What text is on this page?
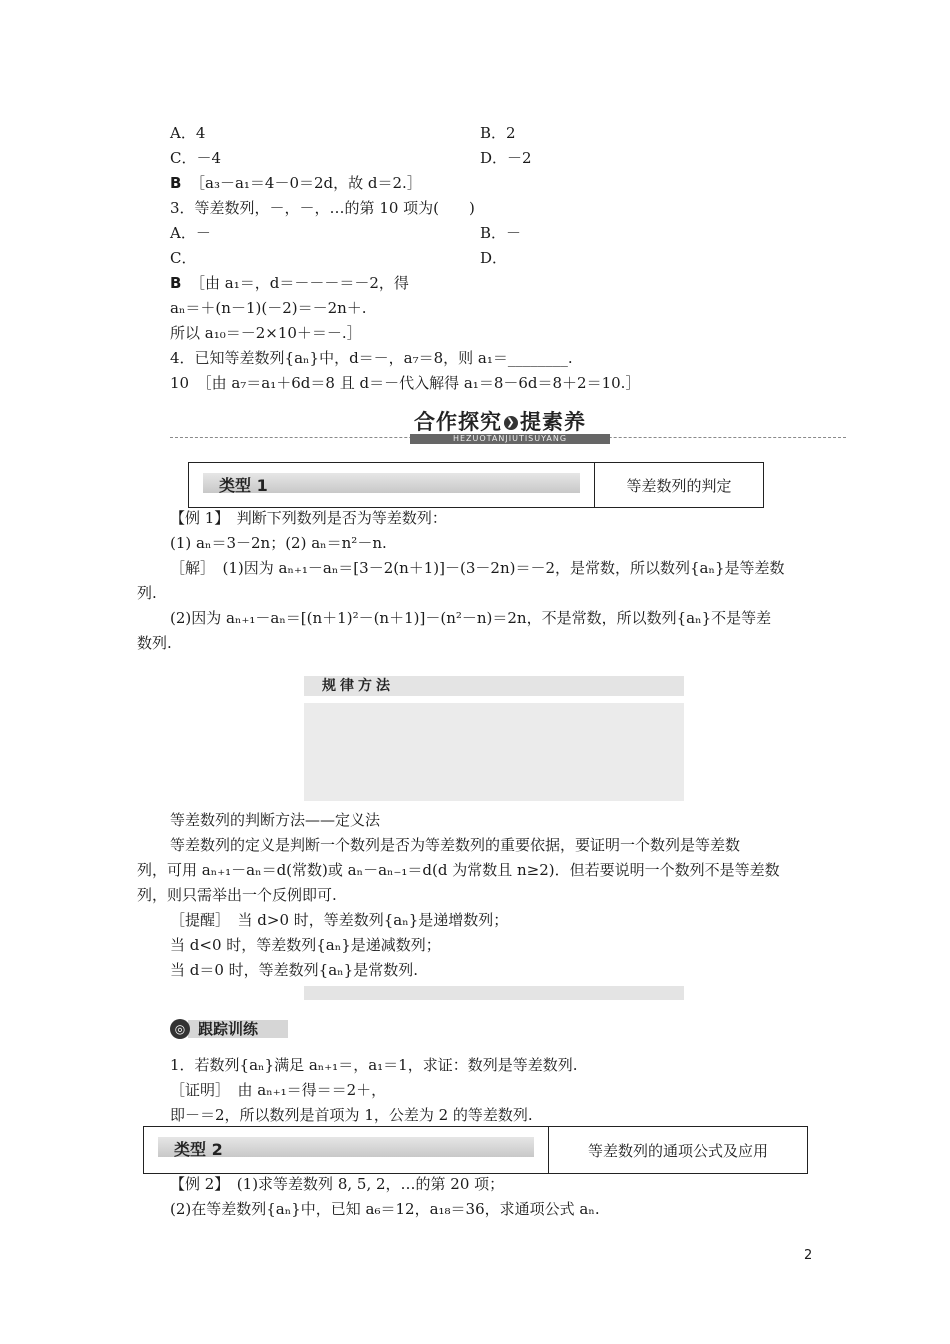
A．4	B．2
C．－4	D．－2
B ［a₃－a₁＝4－0＝2d，故 d＝2.］
3．等差数列，－，－，…的第 10 项为(　　)
A．－	B．－
C．	D．
B ［由 a₁＝，d＝－－－＝－2，得
aₙ＝＋(n－1)(－2)＝－2n＋.
所以 a₁₀＝－2×10＋＝－.］
4．已知等差数列{aₙ}中，d＝－，a₇＝8，则 a₁＝________.
10　［由 a₇＝a₁＋6d＝8 且 d＝－代入解得 a₁＝8－6d＝8＋2＝10.］
合作探究 ❯ 提素养
HEZUOTANJIUTISUYANG
类型 1	等差数列的判定
【例 1】　判断下列数列是否为等差数列：
(1) aₙ＝3－2n；(2) aₙ＝n²－n.
［解］　(1)因为 aₙ₊₁－aₙ＝[3－2(n＋1)]－(3－2n)＝－2，是常数，所以数列{aₙ}是等差数
列.
(2)因为 aₙ₊₁－aₙ＝[(n＋1)²－(n＋1)]－(n²－n)＝2n，不是常数，所以数列{aₙ}不是等差
数列.
规律方法
等差数列的判断方法——定义法
等差数列的定义是判断一个数列是否为等差数列的重要依据，要证明一个数列是等差数
列，可用 aₙ₊₁－aₙ＝d(常数)或 aₙ－aₙ₋₁＝d(d 为常数且 n≥2)．但若要说明一个数列不是等差数
列，则只需举出一个反例即可.
［提醒］　当 d>0 时，等差数列{aₙ}是递增数列；
当 d<0 时，等差数列{aₙ}是递减数列；
当 d＝0 时，等差数列{aₙ}是常数列.
跟踪训练
◎
1．若数列{aₙ}满足 aₙ₊₁＝，a₁＝1，求证：数列是等差数列.
［证明］　由 aₙ₊₁＝得＝＝2＋，
即－＝2，所以数列是首项为 1，公差为 2 的等差数列.
类型 2	等差数列的通项公式及应用
【例 2】　(1)求等差数列 8, 5, 2，…的第 20 项；
(2)在等差数列{aₙ}中，已知 a₆＝12，a₁₈＝36，求通项公式 aₙ.
2
